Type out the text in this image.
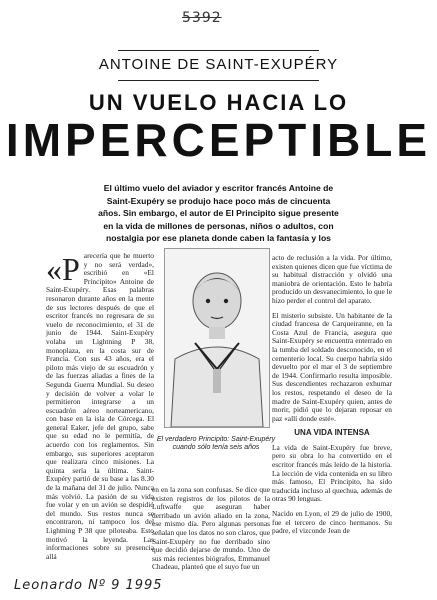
5392
ANTOINE DE SAINT-EXUPÉRY
UN VUELO HACIA LO
IMPERCEPTIBLE
El último vuelo del aviador y escritor francés Antoine de Saint-Exupéry se produjo hace poco más de cincuenta años. Sin embargo, el autor de El Principito sigue presente en la vida de millones de personas, niños o adultos, con nostalgia por ese planeta donde caben la fantasía y los
«P arecería que he muerto y no será verdad», escribió en «El Principito» Antoine de Saint-Exupéry. Esas palabras resonaron durante años en la mente de sus lectores después de que el escritor francés no regresara de su vuelo de reconocimiento, el 31 de junio de 1944. Saint-Exupéry volaba un Lightning P 38, monoplaza, en la costa sur de Francia. Con sus 43 años, era el piloto más viejo de su escuadrón y de las fuerzas aliadas a fines de la Segunda Guerra Mundial. Su deseo y decisión de volver a volar le permitieron integrarse a un escuadrón aéreo norteamericano, con base en la isla de Córcega. El general Eaker, jefe del grupo, sabe que su edad no le permitía, de acuerdo con los reglamentos. Sin embargo, sus superiores aceptaron que realizara cinco misiones. La quinta sería la última. Saint-Exupéry partió de su base a las 8.30 de la mañana del 31 de julio. Nunca más volvió. La pasión de su vida fue volar y en un avión se despidió del mundo. Sus restos nunca se encontraron, ni tampoco los del Lightning P 38 que piloteaba. Esto motivó la leyenda. Las informaciones sobre su presencia allá
El verdadero Principito: Saint-Exupéry cuando sólo tenía seis años
en en la zona son confusas. Se dice que existen registros de los pilotos de la Luftwaffe que aseguran haber derribado un avión aliado en la zona, ese mismo día. Pero algunas personas señalan que los datos no son claros, que Saint-Exupéry no fue derribado sino que decidió dejarse de mundo. Uno de sus más recientes biógrafos, Emmanuel Chadeau, planteó que el suyo fue un
acto de reclusión a la vida. Por último, existen quienes dicen que fue víctima de su habitual distracción y olvidó una maniobra de orientación. Esto le habría producido un desvanecimiento, lo que le hizo perder el control del aparato.
El misterio subsiste. Un habitante de la ciudad francesa de Carqueiranne, en la Costa Azul de Francia, asegura que Saint-Exupéry se encuentra enterrado en la tumba del soldado desconocido, en el cementerio local. Su cuerpo habría sido devuelto por el mar el 3 de septiembre de 1944. Confirmarlo resulta imposible. Sus descendientes rechazaron exhumar los restos, respetando el deseo de la madre de Saint-Exupéry quien, antes de morir, pidió que lo dejaran reposar en paz «allí donde esté».
UNA VIDA INTENSA
La vida de Saint-Exupéry fue breve, pero su obra lo ha convertido en el escritor francés más leído de la historia. La lección de vida contenida en su libro más famoso, El Principito, ha sido traducida incluso al quechua, además de otras 90 lenguas.
Nacido en Lyon, el 29 de julio de 1900, fue el tercero de cinco hermanos. Su padre, el vizconde Jean de
Leonardo Nº 9 1995
